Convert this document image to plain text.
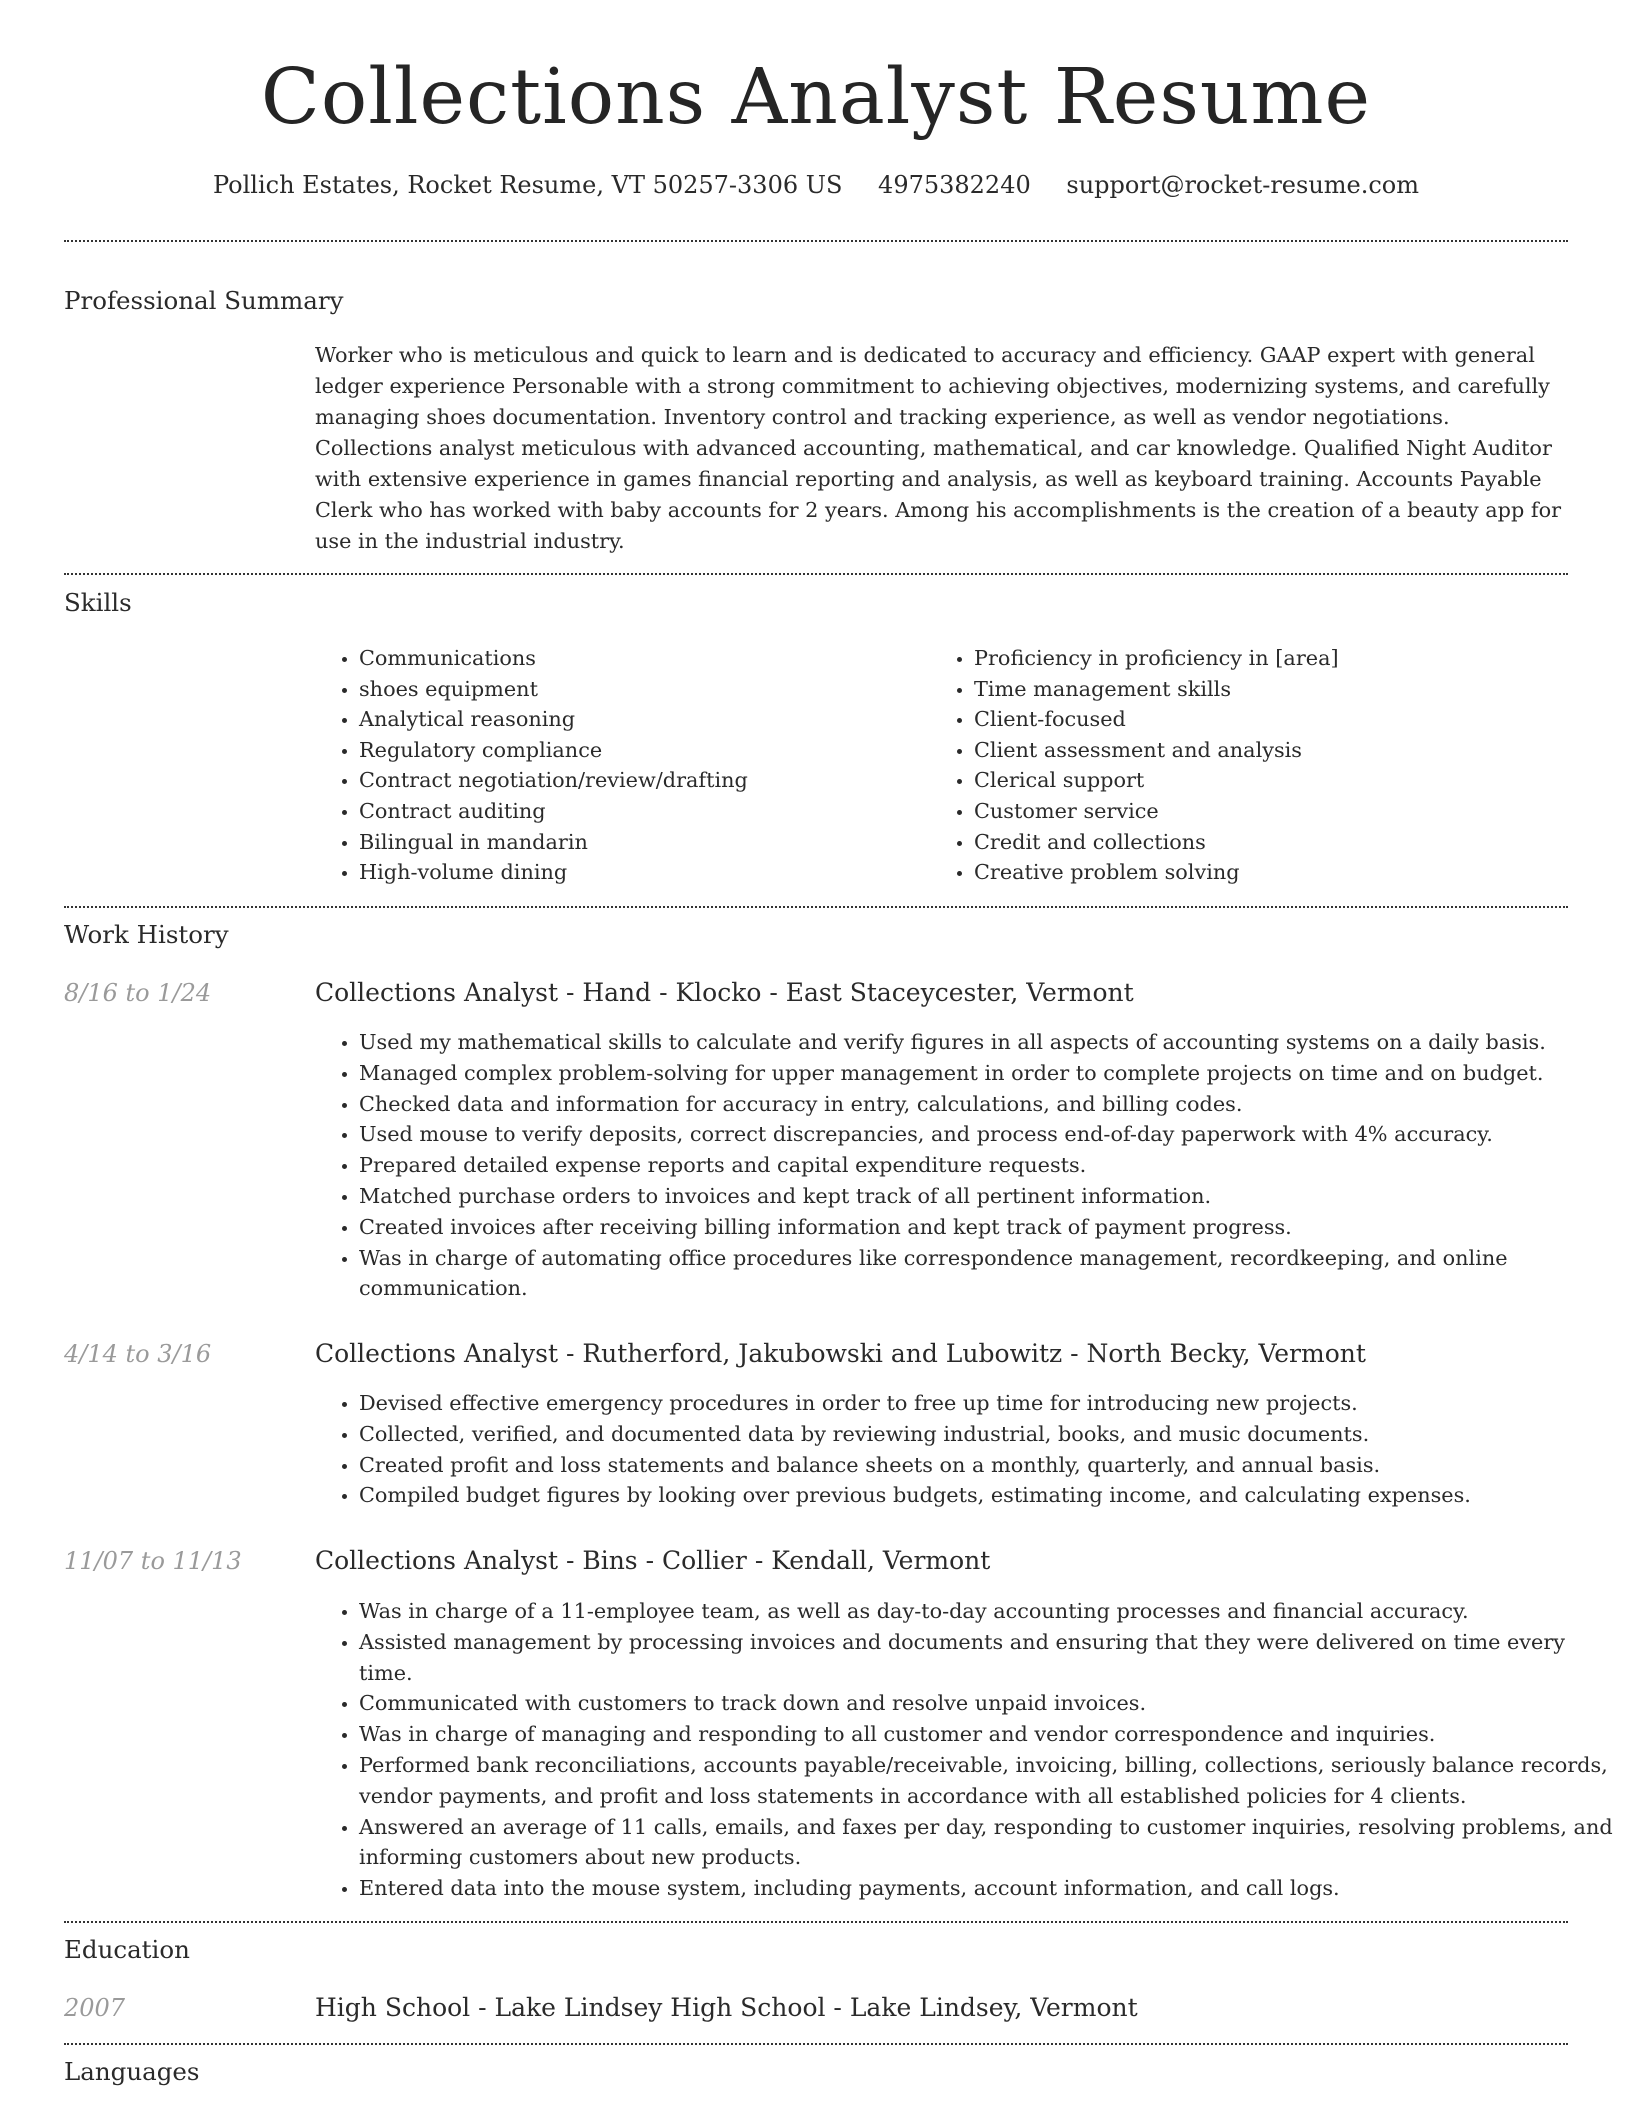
Collections Analyst Resume
Pollich Estates, Rocket Resume, VT 50257-3306 US 4975382240 support@rocket-resume.com
Professional Summary

Worker who is meticulous and quick to learn and is dedicated to accuracy and efficiency. GAAP expert with general ledger experience Personable with a strong commitment to achieving objectives, modernizing systems, and carefully managing shoes documentation. Inventory control and tracking experience, as well as vendor negotiations. Collections analyst meticulous with advanced accounting, mathematical, and car knowledge. Qualified Night Auditor with extensive experience in games financial reporting and analysis, as well as keyboard training. Accounts Payable Clerk who has worked with baby accounts for 2 years. Among his accomplishments is the creation of a beauty app for use in the industrial industry.

Skills
• Communications
• shoes equipment
• Analytical reasoning
• Regulatory compliance
• Contract negotiation/review/drafting
• Contract auditing
• Bilingual in mandarin
• High-volume dining
• Proficiency in proficiency in [area]
• Time management skills
• Client-focused
• Client assessment and analysis
• Clerical support
• Customer service
• Credit and collections
• Creative problem solving
Work History
8/16 to 1/24	Collections Analyst - Hand - Klocko - East Staceycester, Vermont
• Used my mathematical skills to calculate and verify figures in all aspects of accounting systems on a daily basis.
• Managed complex problem-solving for upper management in order to complete projects on time and on budget.
• Checked data and information for accuracy in entry, calculations, and billing codes.
• Used mouse to verify deposits, correct discrepancies, and process end-of-day paperwork with 4% accuracy.
• Prepared detailed expense reports and capital expenditure requests.
• Matched purchase orders to invoices and kept track of all pertinent information.
• Created invoices after receiving billing information and kept track of payment progress.
• Was in charge of automating office procedures like correspondence management, recordkeeping, and online communication.
4/14 to 3/16	Collections Analyst - Rutherford, Jakubowski and Lubowitz - North Becky, Vermont
• Devised effective emergency procedures in order to free up time for introducing new projects.
• Collected, verified, and documented data by reviewing industrial, books, and music documents.
• Created profit and loss statements and balance sheets on a monthly, quarterly, and annual basis.
• Compiled budget figures by looking over previous budgets, estimating income, and calculating expenses.
11/07 to 11/13	Collections Analyst - Bins - Collier - Kendall, Vermont
• Was in charge of a 11-employee team, as well as day-to-day accounting processes and financial accuracy.
• Assisted management by processing invoices and documents and ensuring that they were delivered on time every time.
• Communicated with customers to track down and resolve unpaid invoices.
• Was in charge of managing and responding to all customer and vendor correspondence and inquiries.
• Performed bank reconciliations, accounts payable/receivable, invoicing, billing, collections, seriously balance records, vendor payments, and profit and loss statements in accordance with all established policies for 4 clients.
• Answered an average of 11 calls, emails, and faxes per day, responding to customer inquiries, resolving problems, and informing customers about new products.
• Entered data into the mouse system, including payments, account information, and call logs.
Education
2007	High School - Lake Lindsey High School - Lake Lindsey, Vermont
Languages
